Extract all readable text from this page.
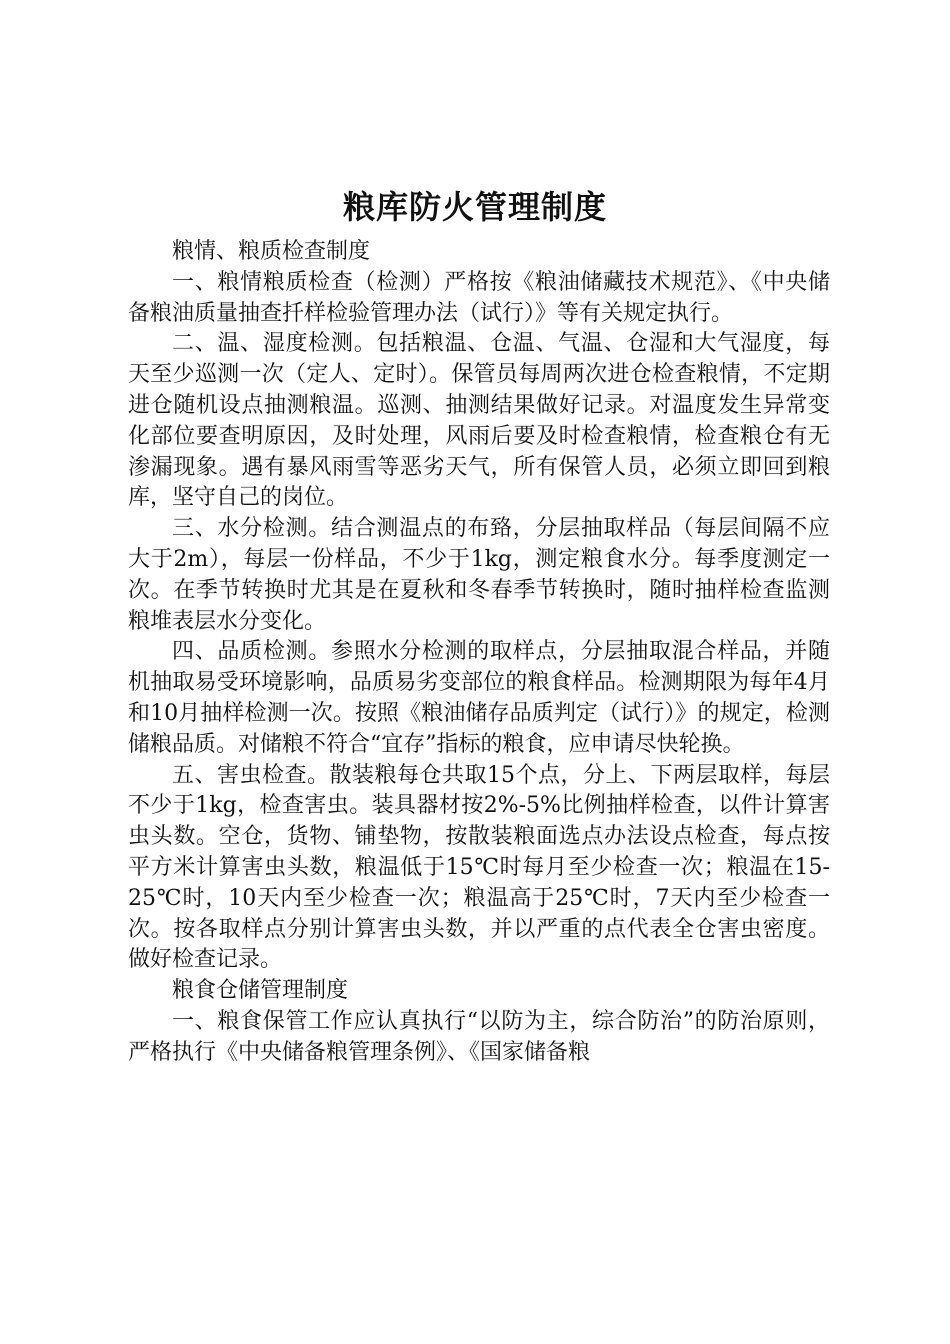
粮库防火管理制度

粮情、粮质检查制度

一、粮情粮质检查（检测）严格按《粮油储藏技术规范》、《中央储备粮油质量抽查扦样检验管理办法（试行）》等有关规定执行。

二、温、湿度检测。包括粮温、仓温、气温、仓湿和大气湿度，每天至少巡测一次（定人、定时）。保管员每周两次进仓检查粮情，不定期进仓随机设点抽测粮温。巡测、抽测结果做好记录。对温度发生异常变化部位要查明原因，及时处理，风雨后要及时检查粮情，检查粮仓有无渗漏现象。遇有暴风雨雪等恶劣天气，所有保管人员，必须立即回到粮库，坚守自己的岗位。

三、水分检测。结合测温点的布臵，分层抽取样品（每层间隔不应大于2m），每层一份样品，不少于1kg，测定粮食水分。每季度测定一次。在季节转换时尤其是在夏秋和冬春季节转换时，随时抽样检查监测粮堆表层水分变化。

四、品质检测。参照水分检测的取样点，分层抽取混合样品，并随机抽取易受环境影响，品质易劣变部位的粮食样品。检测期限为每年4月和10月抽样检测一次。按照《粮油储存品质判定（试行）》的规定，检测储粮品质。对储粮不符合“宜存”指标的粮食，应申请尽快轮换。

五、害虫检查。散装粮每仓共取15个点，分上、下两层取样，每层不少于1kg，检查害虫。装具器材按2%-5%比例抽样检查，以件计算害虫头数。空仓，货物、铺垫物，按散装粮面选点办法设点检查，每点按平方米计算害虫头数，粮温低于15℃时每月至少检查一次；粮温在15-25℃时，10天内至少检查一次；粮温高于25℃时，7天内至少检查一次。按各取样点分别计算害虫头数，并以严重的点代表全仓害虫密度。做好检查记录。

粮食仓储管理制度

一、粮食保管工作应认真执行“以防为主，综合防治”的防治原则，严格执行《中央储备粮管理条例》、《国家储备粮
